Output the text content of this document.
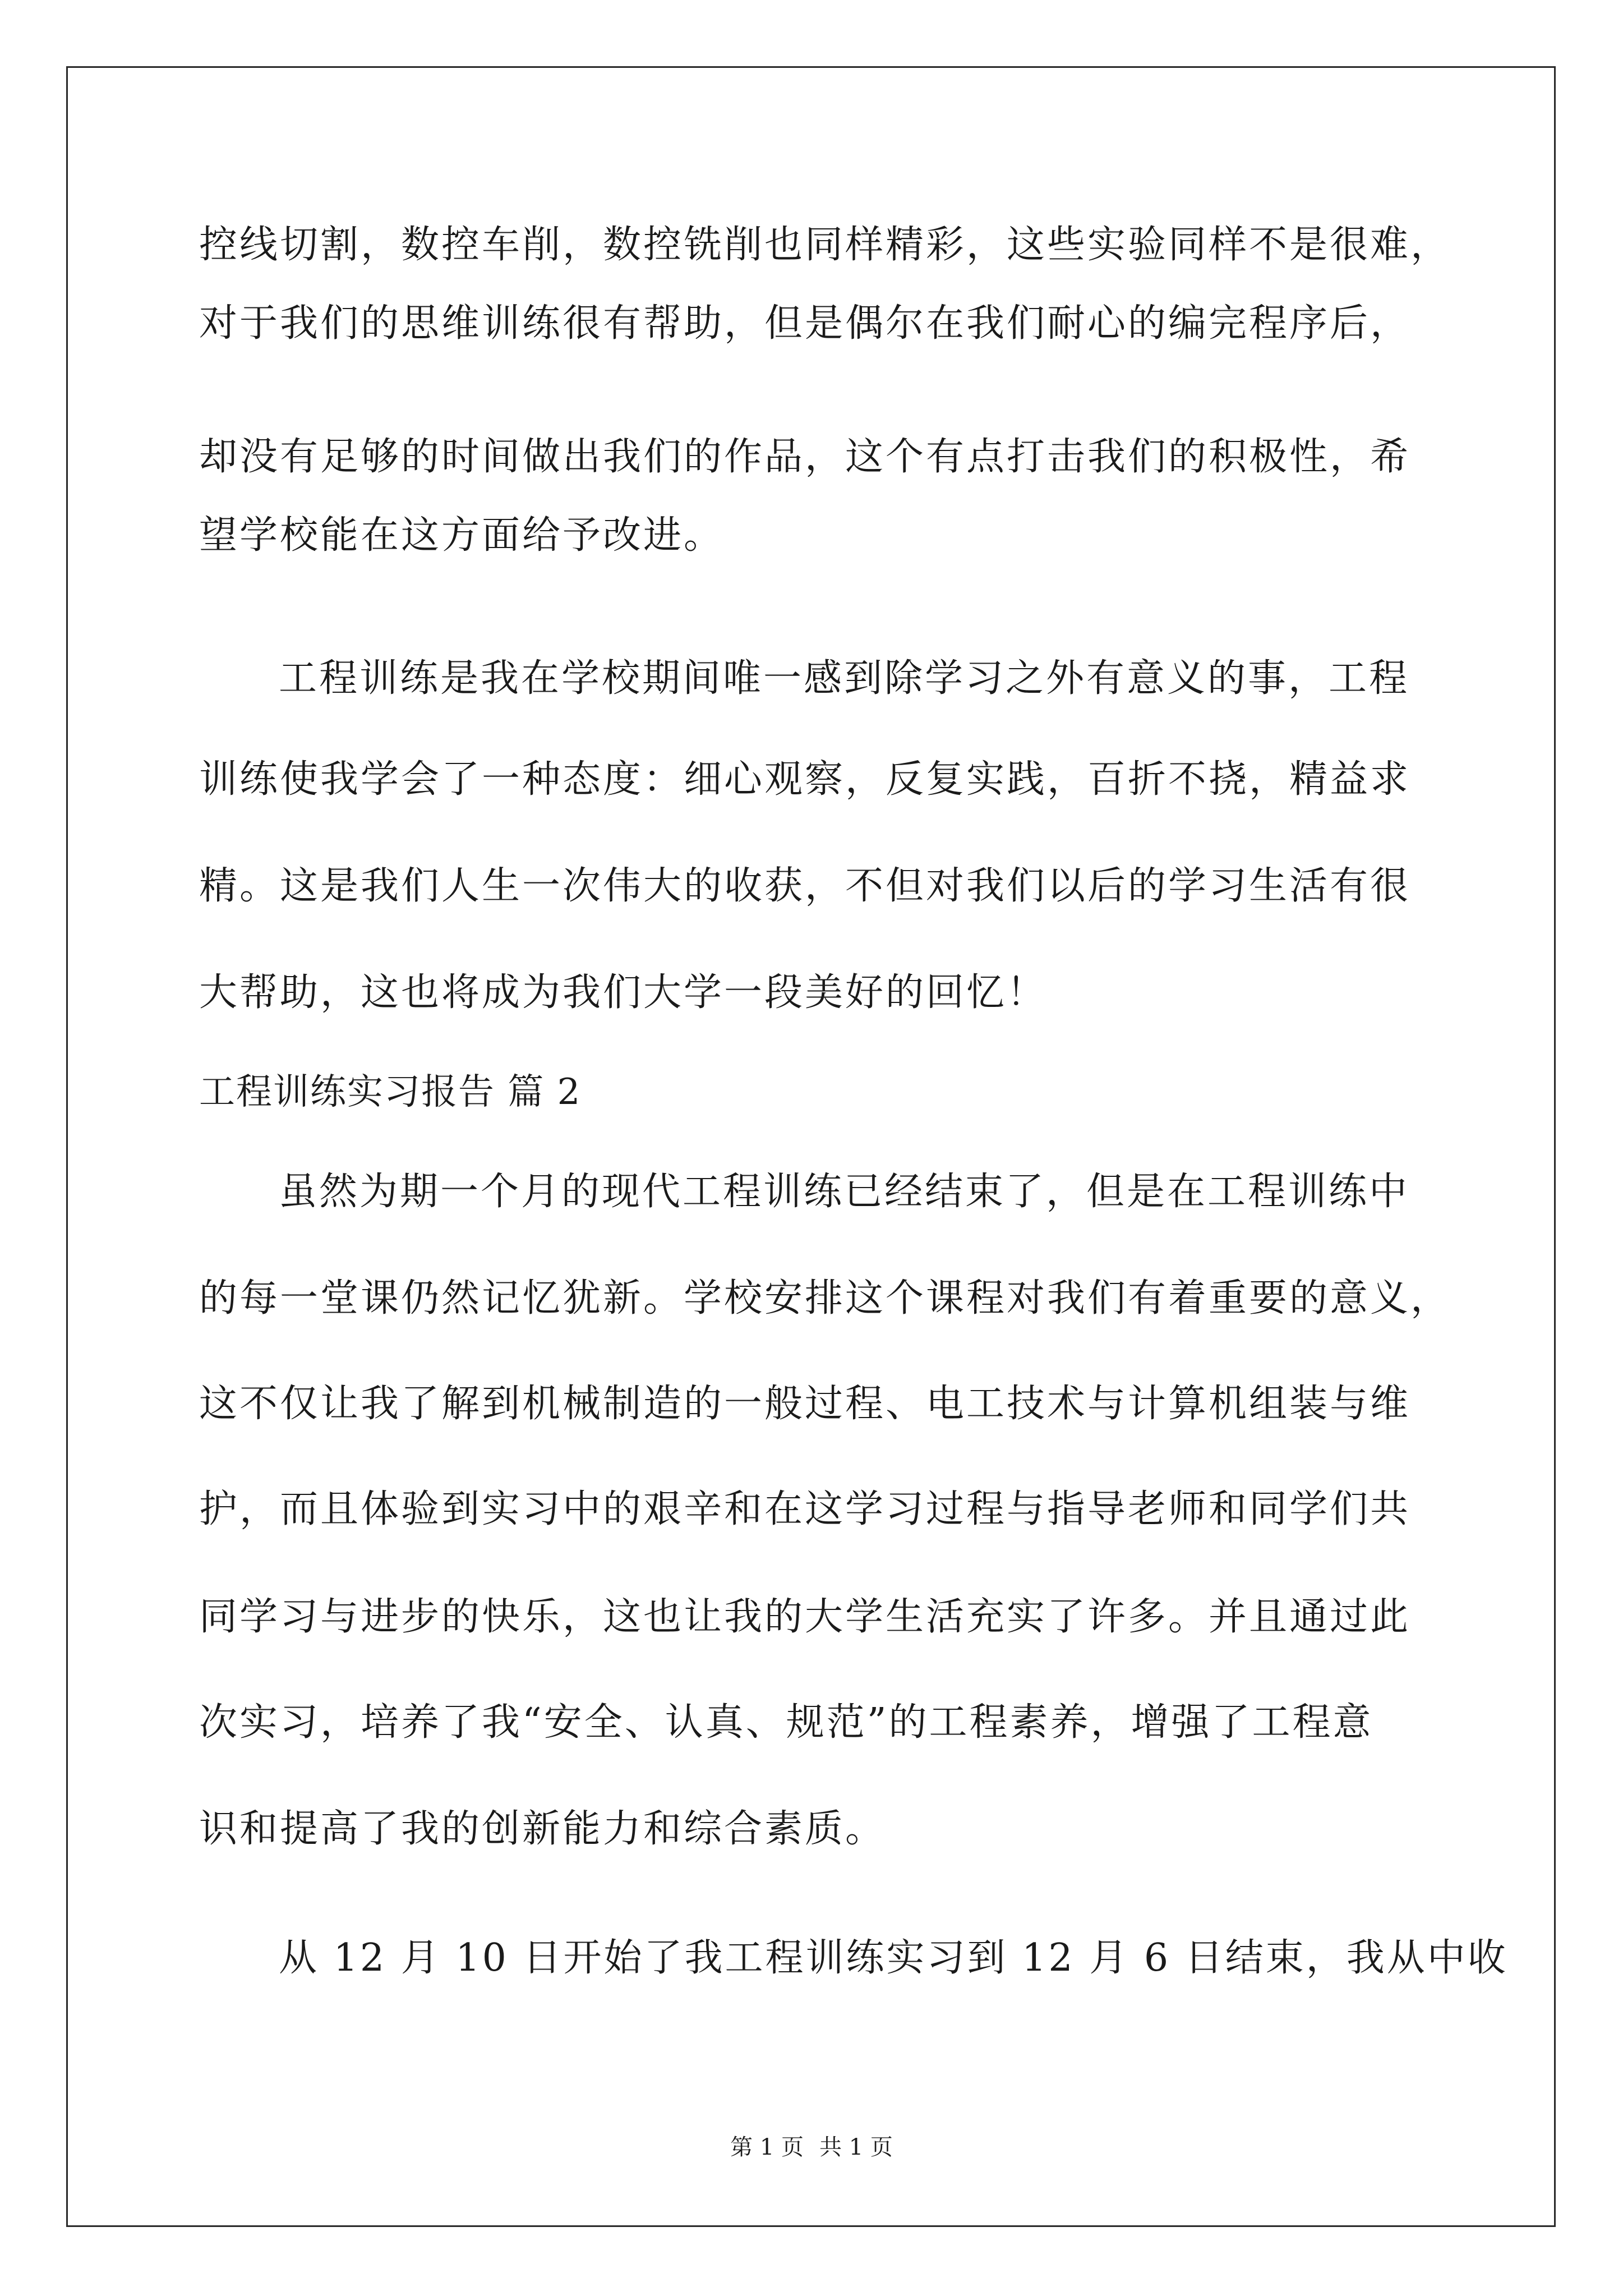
控线切割，数控车削，数控铣削也同样精彩，这些实验同样不是很难，
对于我们的思维训练很有帮助，但是偶尔在我们耐心的编完程序后，
却没有足够的时间做出我们的作品，这个有点打击我们的积极性，希
望学校能在这方面给予改进。
工程训练是我在学校期间唯一感到除学习之外有意义的事，工程
训练使我学会了一种态度：细心观察，反复实践，百折不挠，精益求
精。这是我们人生一次伟大的收获，不但对我们以后的学习生活有很
大帮助，这也将成为我们大学一段美好的回忆！
工程训练实习报告 篇 2
虽然为期一个月的现代工程训练已经结束了，但是在工程训练中
的每一堂课仍然记忆犹新。学校安排这个课程对我们有着重要的意义，
这不仅让我了解到机械制造的一般过程、电工技术与计算机组装与维
护，而且体验到实习中的艰辛和在这学习过程与指导老师和同学们共
同学习与进步的快乐，这也让我的大学生活充实了许多。并且通过此
次实习，培养了我“安全、认真、规范”的工程素养，增强了工程意
识和提高了我的创新能力和综合素质。
从 12 月 10 日开始了我工程训练实习到 12 月 6 日结束，我从中收
第 1 页 共 1 页
